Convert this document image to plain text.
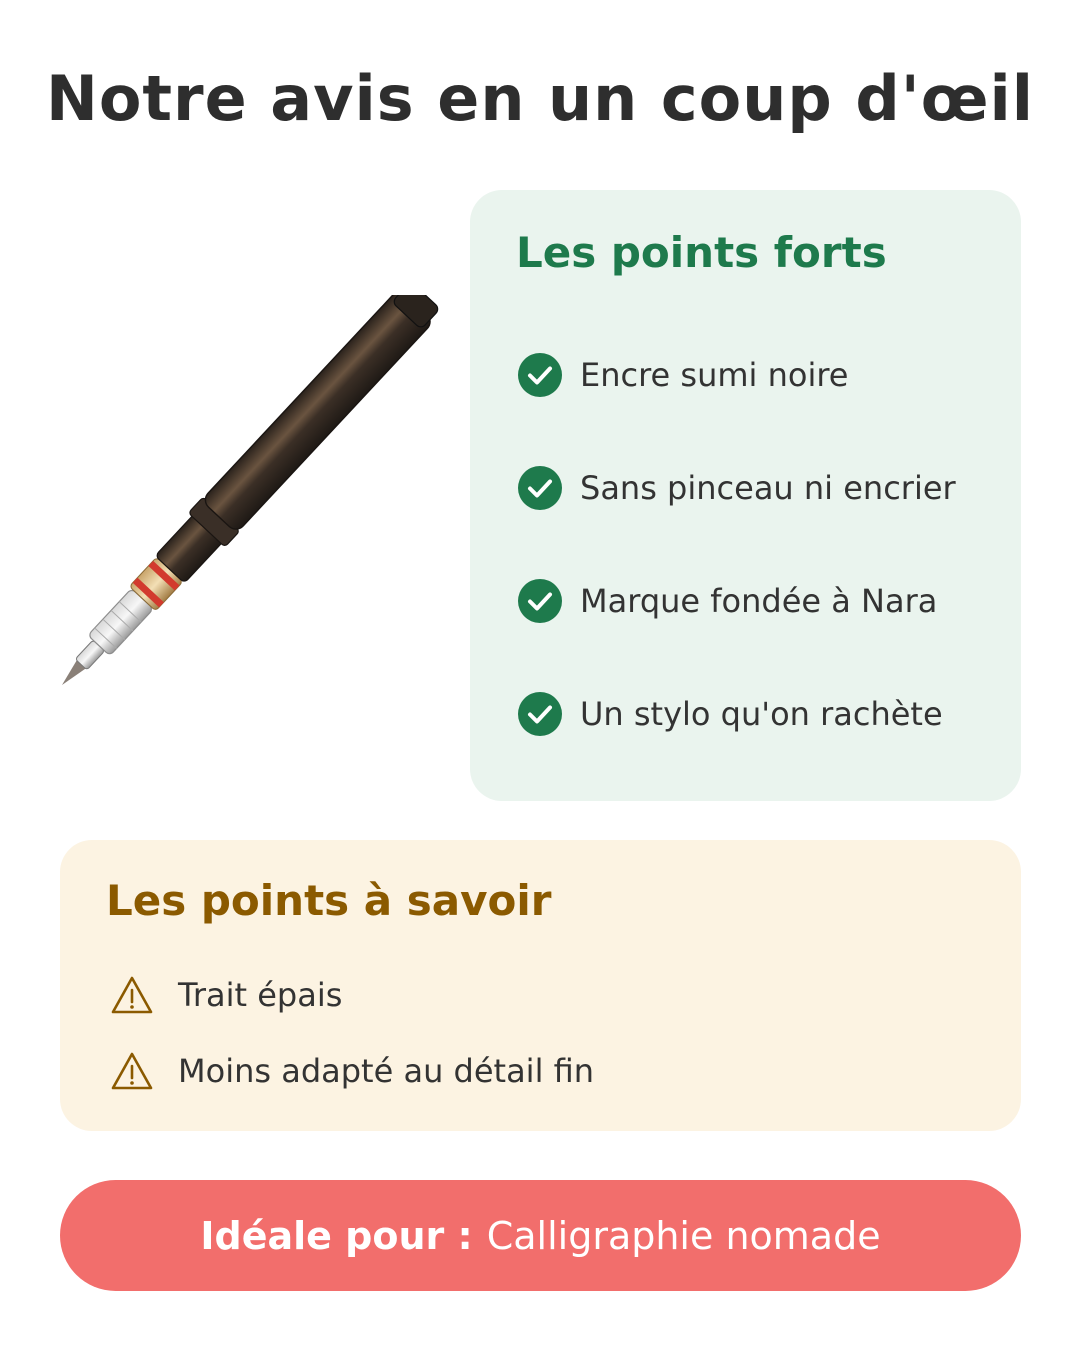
Notre avis en un coup d'œil
Les points forts
Encre sumi noire
Sans pinceau ni encrier
Marque fondée à Nara
Un stylo qu'on rachète
Les points à savoir
Trait épais
Moins adapté au détail fin
Idéale pour : Calligraphie nomade
